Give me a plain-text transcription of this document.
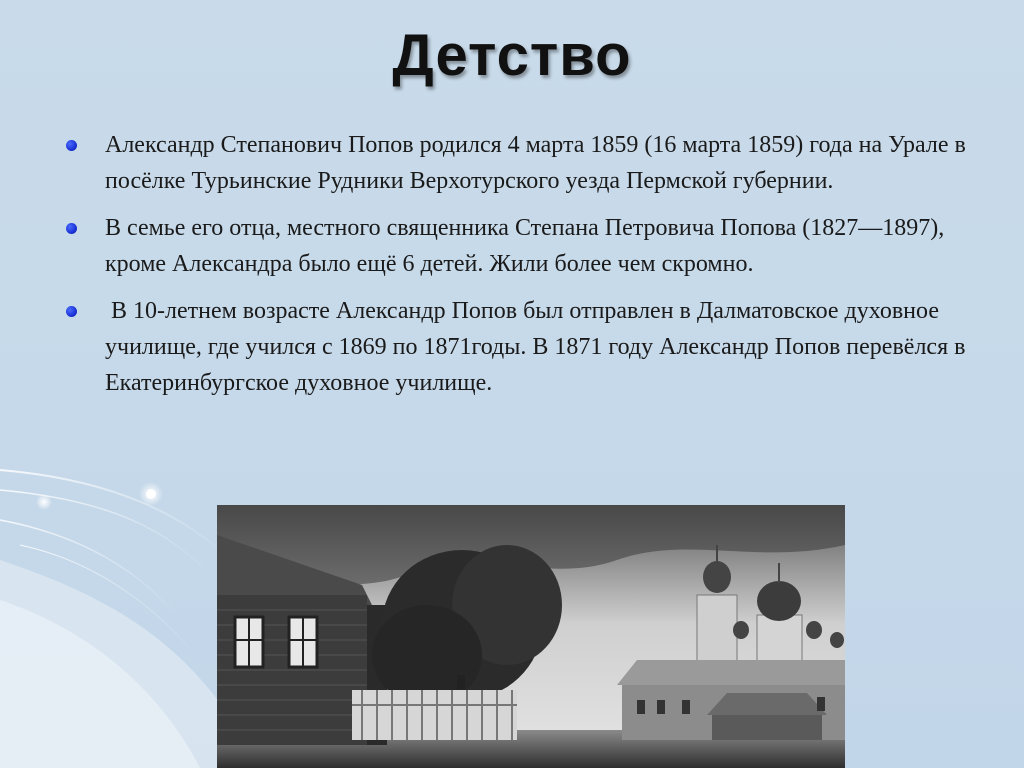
Детство
Александр Степанович Попов родился 4 марта 1859 (16 марта 1859) года на Урале в посёлке Турьинские Рудники Верхотурского уезда Пермской губернии.
В семье его отца, местного священника Степана Петровича Попова (1827—1897), кроме Александра было ещё 6 детей. Жили более чем скромно.
В 10-летнем возрасте Александр Попов был отправлен в Далматовское духовное училище, где учился с 1869 по 1871годы. В 1871 году Александр Попов перевёлся в Екатеринбургское духовное училище.
